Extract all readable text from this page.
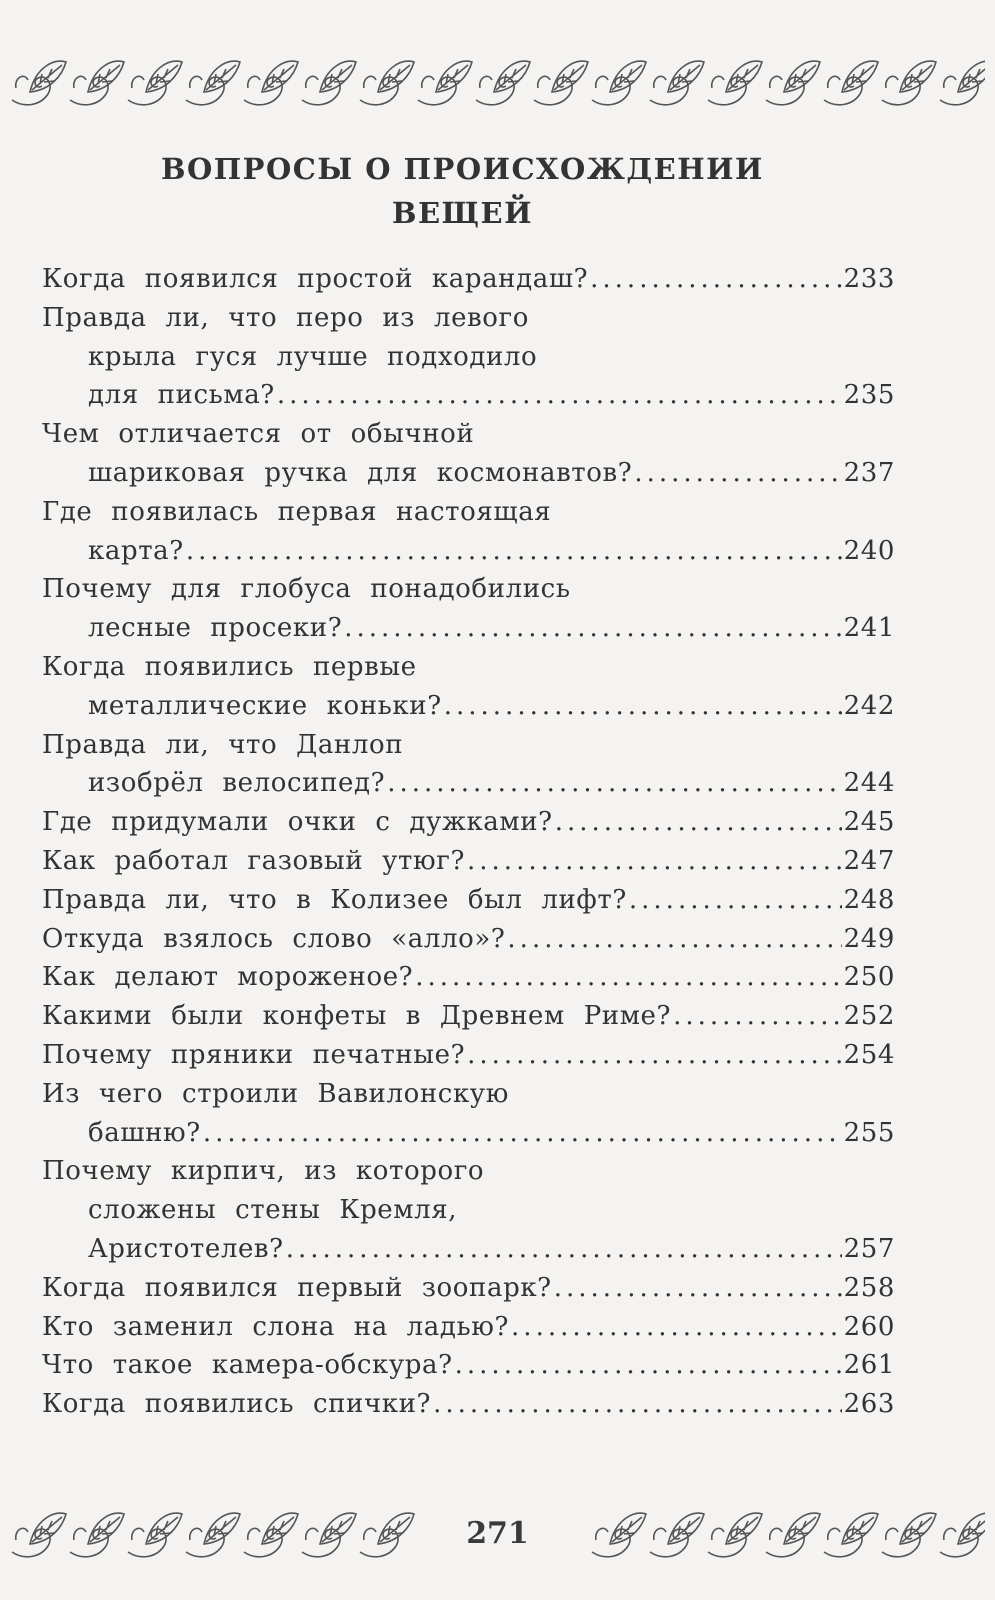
ВОПРОСЫ О ПРОИСХОЖДЕНИИ
ВЕЩЕЙ
Когда появился простой карандаш? .....	233
Правда ли, что перо из левого
крыла гуся лучше подходило
для письма? .....	235
Чем отличается от обычной
шариковая ручка для космонавтов? .....	237
Где появилась первая настоящая
карта? .....	240
Почему для глобуса понадобились
лесные просеки? .....	241
Когда появились первые
металлические коньки? .....	242
Правда ли, что Данлоп
изобрёл велосипед? .....	244
Где придумали очки с дужками? .....	245
Как работал газовый утюг? .....	247
Правда ли, что в Колизее был лифт? .....	248
Откуда взялось слово «алло»? .....	249
Как делают мороженое? .....	250
Какими были конфеты в Древнем Риме? .....	252
Почему пряники печатные? .....	254
Из чего строили Вавилонскую
башню? .....	255
Почему кирпич, из которого
сложены стены Кремля,
Аристотелев? .....	257
Когда появился первый зоопарк? .....	258
Кто заменил слона на ладью? .....	260
Что такое камера-обскура? .....	261
Когда появились спички? .....	263
271
